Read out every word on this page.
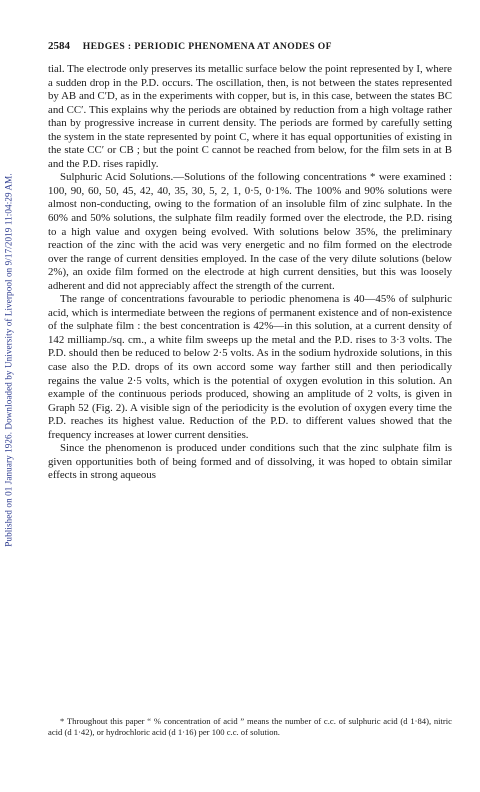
Published on 01 January 1926. Downloaded by University of Liverpool on 9/17/2019 11:04:29 AM.
2584 HEDGES : PERIODIC PHENOMENA AT ANODES OF

tial. The electrode only preserves its metallic surface below the point represented by I, where a sudden drop in the P.D. occurs. The oscillation, then, is not between the states represented by AB and C′D, as in the experiments with copper, but is, in this case, between the states BC and CC′. This explains why the periods are obtained by reduction from a high voltage rather than by progressive increase in current density. The periods are formed by carefully setting the system in the state represented by point C, where it has equal opportunities of existing in the state CC′ or CB ; but the point C cannot be reached from below, for the film sets in at B and the P.D. rises rapidly.

Sulphuric Acid Solutions.—Solutions of the following concentrations * were examined : 100, 90, 60, 50, 45, 42, 40, 35, 30, 5, 2, 1, 0·5, 0·1%. The 100% and 90% solutions were almost non-conducting, owing to the formation of an insoluble film of zinc sulphate. In the 60% and 50% solutions, the sulphate film readily formed over the electrode, the P.D. rising to a high value and oxygen being evolved. With solutions below 35%, the preliminary reaction of the zinc with the acid was very energetic and no film formed on the electrode over the range of current densities employed. In the case of the very dilute solutions (below 2%), an oxide film formed on the electrode at high current densities, but this was loosely adherent and did not appreciably affect the strength of the current.

The range of concentrations favourable to periodic phenomena is 40—45% of sulphuric acid, which is intermediate between the regions of permanent existence and of non-existence of the sulphate film : the best concentration is 42%—in this solution, at a current density of 142 milliamp./sq. cm., a white film sweeps up the metal and the P.D. rises to 3·3 volts. The P.D. should then be reduced to below 2·5 volts. As in the sodium hydroxide solutions, in this case also the P.D. drops of its own accord some way farther still and then periodically regains the value 2·5 volts, which is the potential of oxygen evolution in this solution. An example of the continuous periods produced, showing an amplitude of 2 volts, is given in Graph 52 (Fig. 2). A visible sign of the periodicity is the evolution of oxygen every time the P.D. reaches its highest value. Reduction of the P.D. to different values showed that the frequency increases at lower current densities.

Since the phenomenon is produced under conditions such that the zinc sulphate film is given opportunities both of being formed and of dissolving, it was hoped to obtain similar effects in strong aqueous

* Throughout this paper “ % concentration of acid ” means the number of c.c. of sulphuric acid (d 1·84), nitric acid (d 1·42), or hydrochloric acid (d 1·16) per 100 c.c. of solution.
